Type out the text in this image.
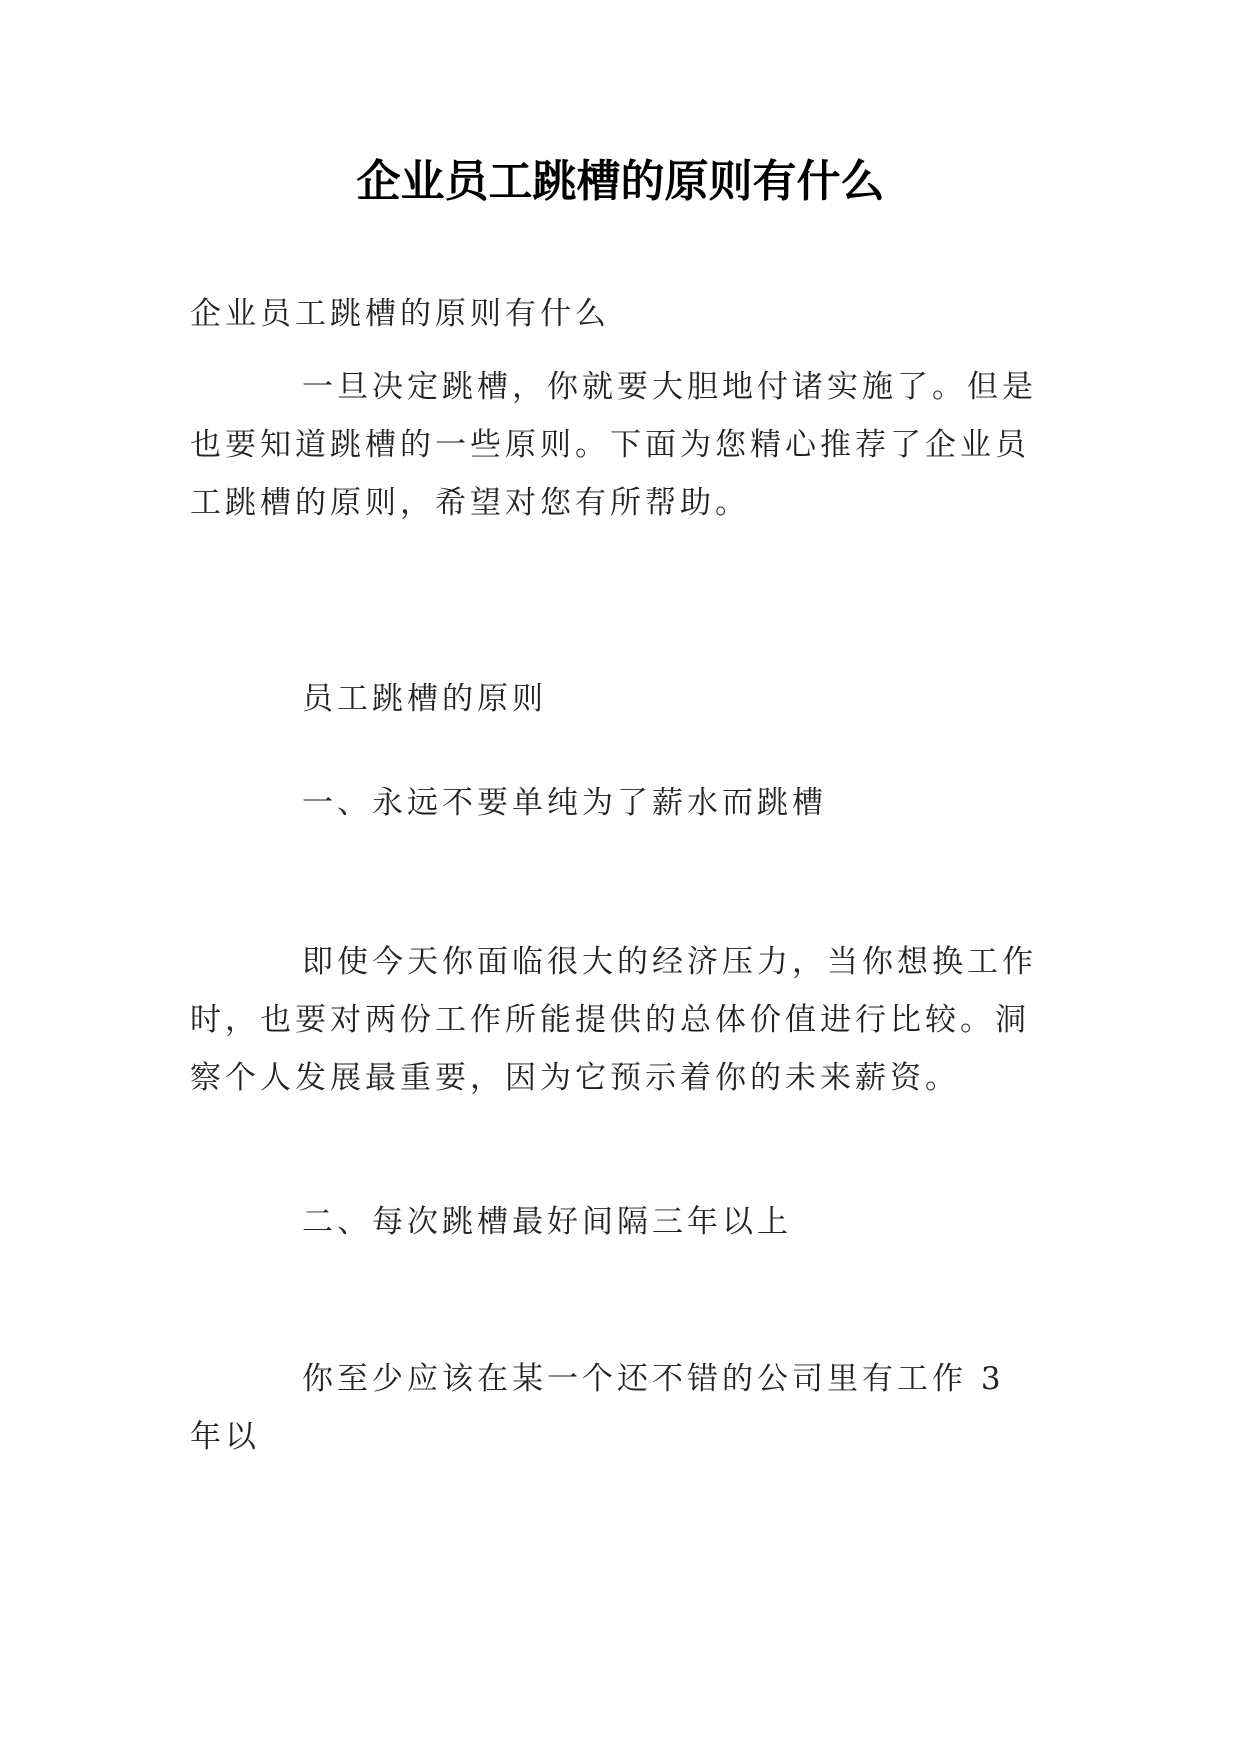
企业员工跳槽的原则有什么

企业员工跳槽的原则有什么

一旦决定跳槽，你就要大胆地付诸实施了。但是也要知道跳槽的一些原则。下面为您精心推荐了企业员工跳槽的原则，希望对您有所帮助。

员工跳槽的原则

一、永远不要单纯为了薪水而跳槽

即使今天你面临很大的经济压力，当你想换工作时，也要对两份工作所能提供的总体价值进行比较。洞察个人发展最重要，因为它预示着你的未来薪资。

二、每次跳槽最好间隔三年以上

你至少应该在某一个还不错的公司里有工作 3 年以
